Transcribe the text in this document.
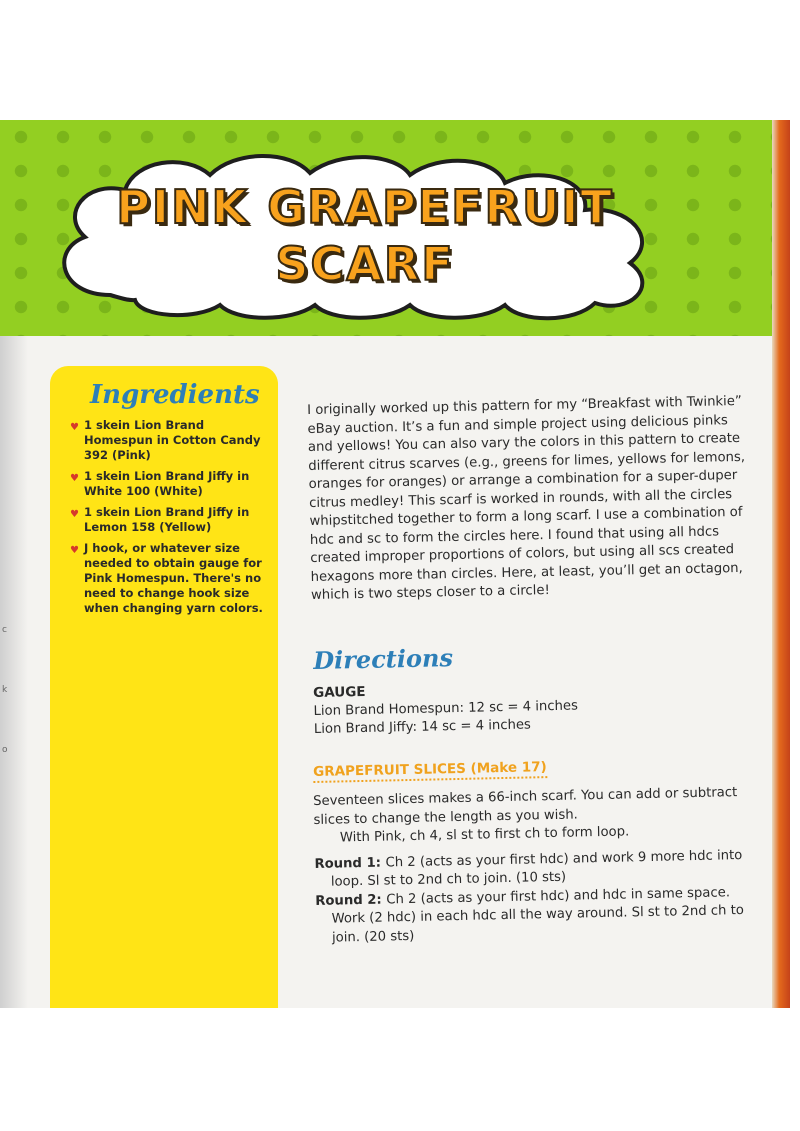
PINK GRAPEFRUIT
SCARF
c
k
o
Ingredients
♥ 1 skein Lion Brand Homespun in Cotton Candy 392 (Pink)
♥ 1 skein Lion Brand Jiffy in White 100 (White)
♥ 1 skein Lion Brand Jiffy in Lemon 158 (Yellow)
♥ J hook, or whatever size needed to obtain gauge for Pink Homespun. There's no need to change hook size when changing yarn colors.

I originally worked up this pattern for my “Breakfast with Twinkie” eBay auction. It’s a fun and simple project using delicious pinks and yellows! You can also vary the colors in this pattern to create different citrus scarves (e.g., greens for limes, yellows for lemons, oranges for oranges) or arrange a combination for a super-duper citrus medley! This scarf is worked in rounds, with all the circles whipstitched together to form a long scarf. I use a combination of hdc and sc to form the circles here. I found that using all hdcs created improper proportions of colors, but using all scs created hexagons more than circles. Here, at least, you’ll get an octagon, which is two steps closer to a circle!

Directions
GAUGE
Lion Brand Homespun: 12 sc = 4 inches
Lion Brand Jiffy: 14 sc = 4 inches
GRAPEFRUIT SLICES (Make 17)
Seventeen slices makes a 66-inch scarf. You can add or subtract slices to change the length as you wish.
With Pink, ch 4, sl st to first ch to form loop.
Round 1: Ch 2 (acts as your first hdc) and work 9 more hdc into loop. Sl st to 2nd ch to join. (10 sts)
Round 2: Ch 2 (acts as your first hdc) and hdc in same space. Work (2 hdc) in each hdc all the way around. Sl st to 2nd ch to join. (20 sts)
